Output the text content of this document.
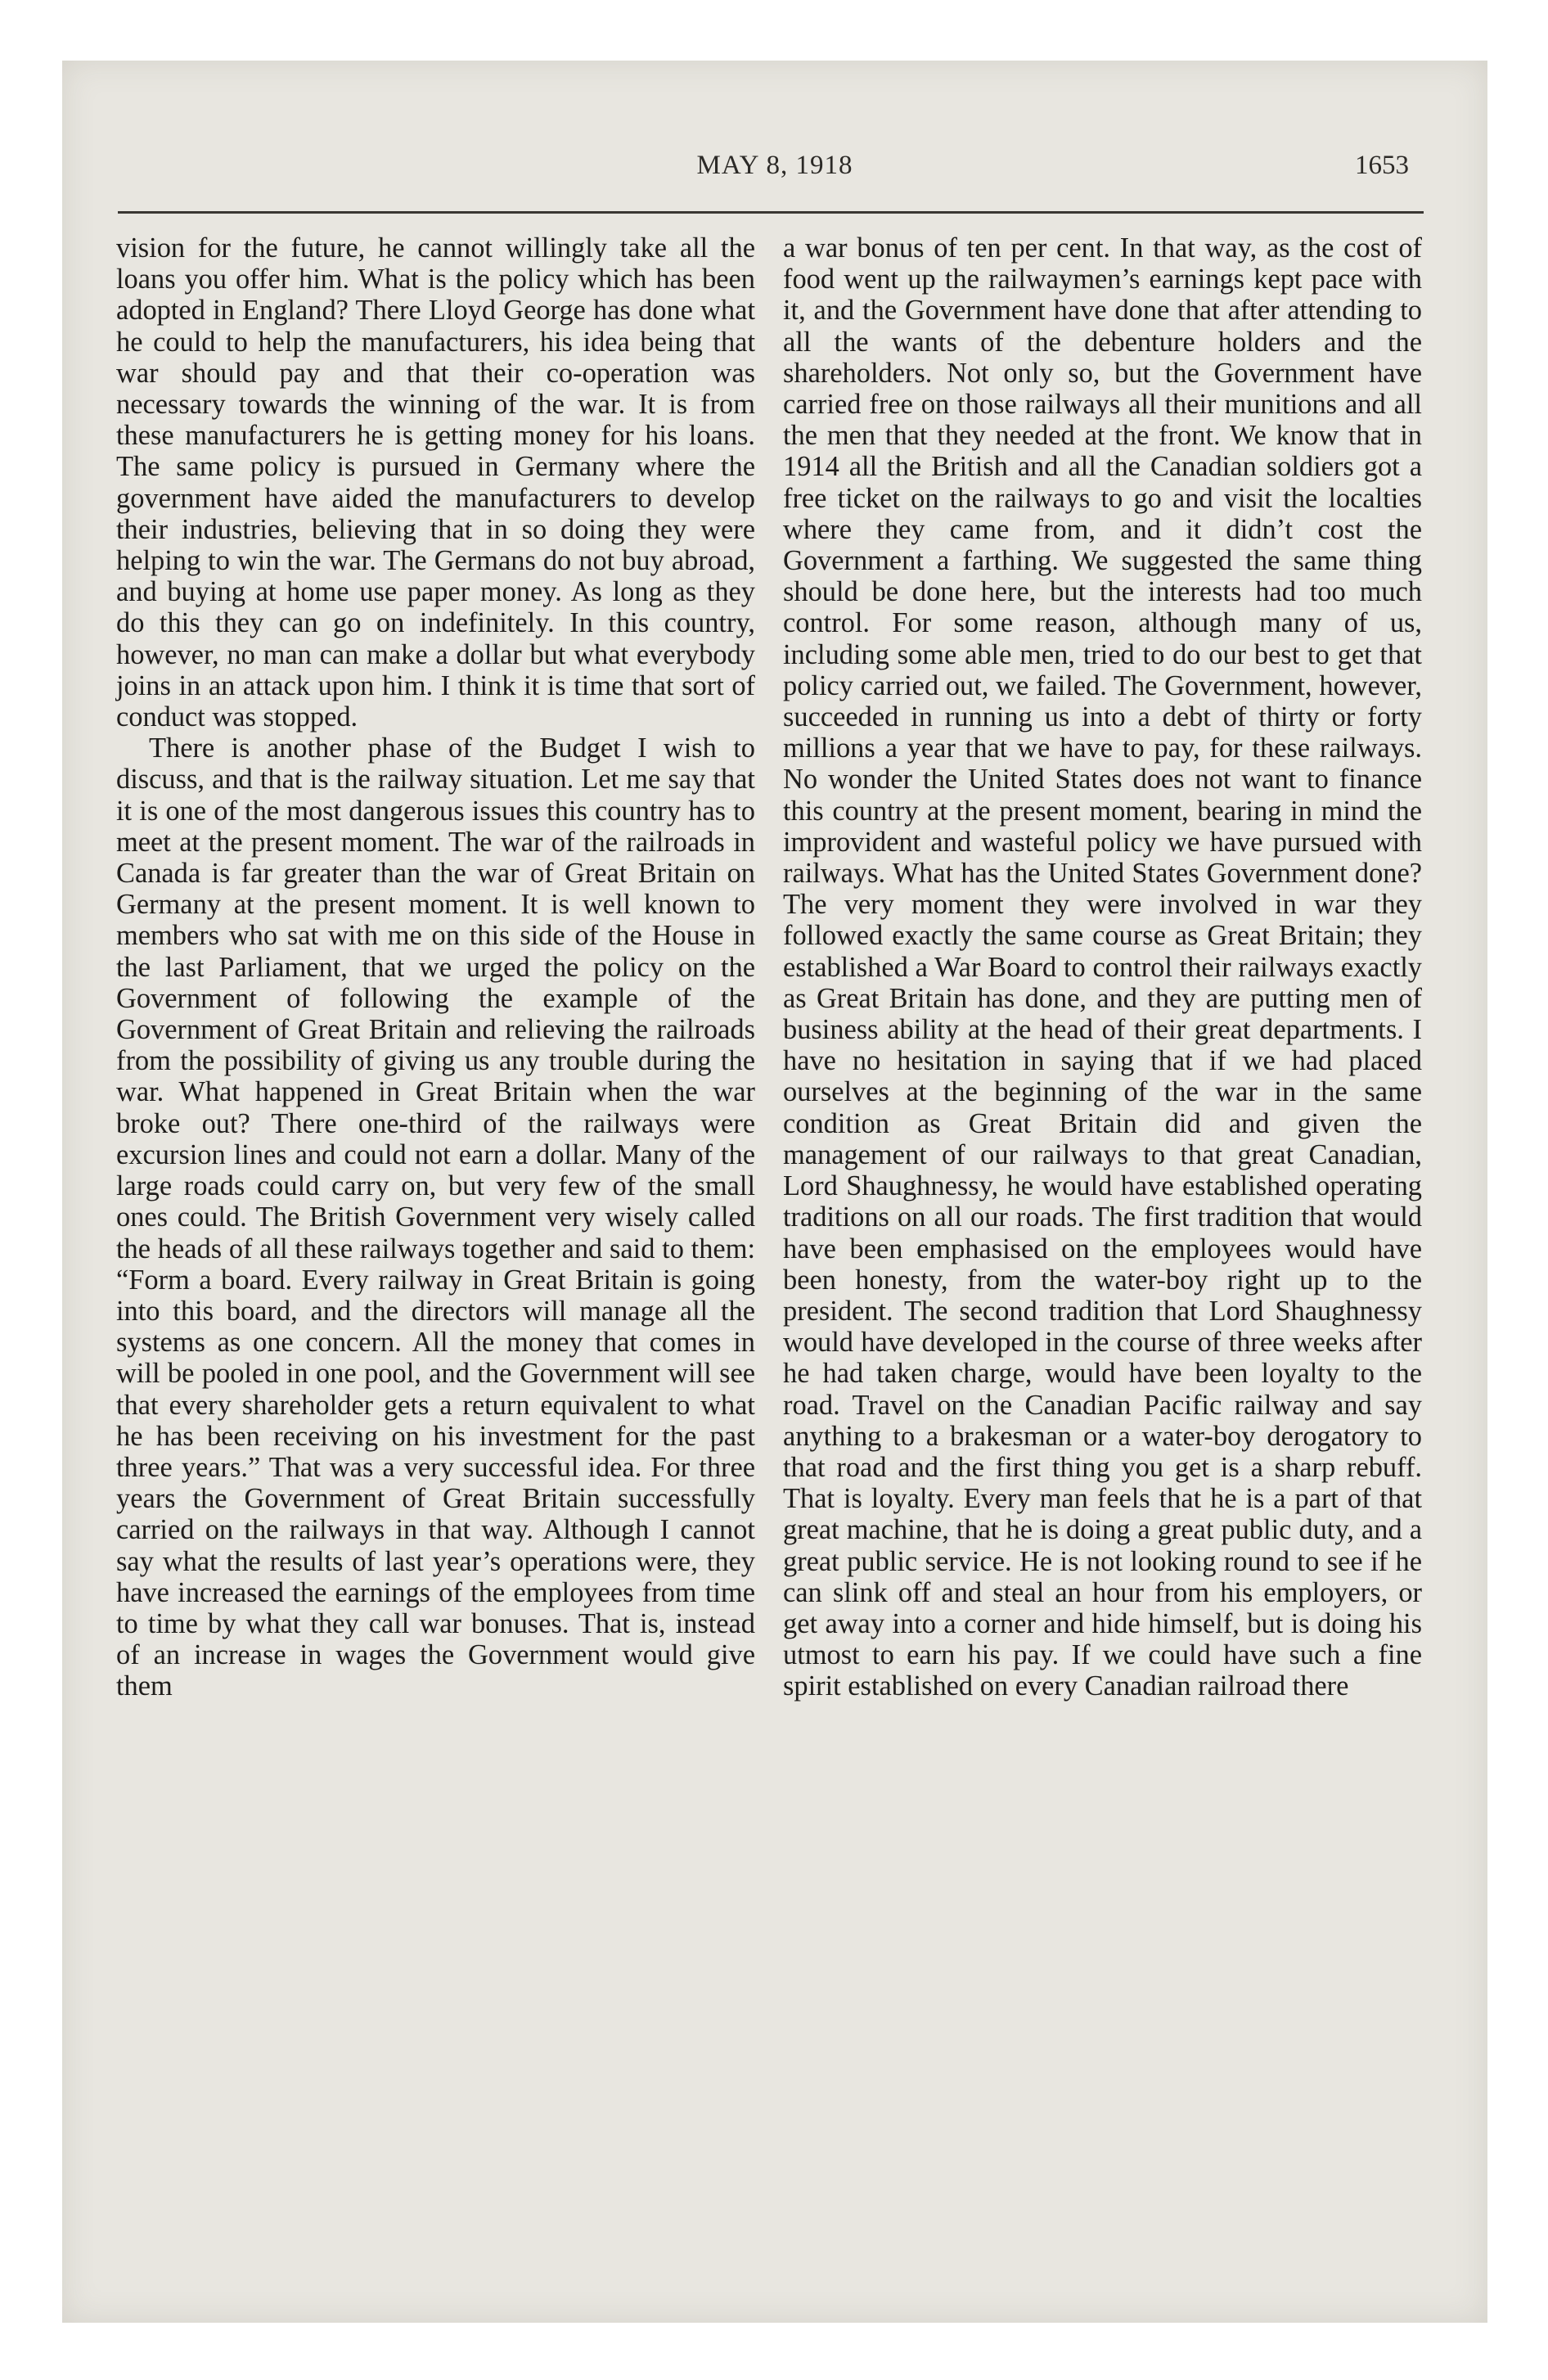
MAY 8, 1918	1653

vision for the future, he cannot willingly take all the loans you offer him. What is the policy which has been adopted in England? There Lloyd George has done what he could to help the manufacturers, his idea being that war should pay and that their co-operation was necessary towards the winning of the war. It is from these manufacturers he is getting money for his loans. The same policy is pursued in Germany where the government have aided the manufacturers to develop their industries, believing that in so doing they were helping to win the war. The Germans do not buy abroad, and buying at home use paper money. As long as they do this they can go on indefinitely. In this country, however, no man can make a dollar but what everybody joins in an attack upon him. I think it is time that sort of conduct was stopped.

There is another phase of the Budget I wish to discuss, and that is the railway situation. Let me say that it is one of the most dangerous issues this country has to meet at the present moment. The war of the railroads in Canada is far greater than the war of Great Britain on Germany at the present moment. It is well known to members who sat with me on this side of the House in the last Parliament, that we urged the policy on the Government of following the example of the Government of Great Britain and relieving the railroads from the possibility of giving us any trouble during the war. What happened in Great Britain when the war broke out? There one-third of the railways were excursion lines and could not earn a dollar. Many of the large roads could carry on, but very few of the small ones could. The British Government very wisely called the heads of all these railways together and said to them: “Form a board. Every railway in Great Britain is going into this board, and the directors will manage all the systems as one concern. All the money that comes in will be pooled in one pool, and the Government will see that every shareholder gets a return equivalent to what he has been receiving on his investment for the past three years.” That was a very successful idea. For three years the Government of Great Britain successfully carried on the railways in that way. Although I cannot say what the results of last year’s operations were, they have increased the earnings of the employees from time to time by what they call war bonuses. That is, instead of an increase in wages the Government would give them

a war bonus of ten per cent. In that way, as the cost of food went up the railwaymen’s earnings kept pace with it, and the Government have done that after attending to all the wants of the debenture holders and the shareholders. Not only so, but the Government have carried free on those railways all their munitions and all the men that they needed at the front. We know that in 1914 all the British and all the Canadian soldiers got a free ticket on the railways to go and visit the localties where they came from, and it didn’t cost the Government a farthing. We suggested the same thing should be done here, but the interests had too much control. For some reason, although many of us, including some able men, tried to do our best to get that policy carried out, we failed. The Government, however, succeeded in running us into a debt of thirty or forty millions a year that we have to pay, for these railways. No wonder the United States does not want to finance this country at the present moment, bearing in mind the improvident and wasteful policy we have pursued with railways. What has the United States Government done? The very moment they were involved in war they followed exactly the same course as Great Britain; they established a War Board to control their railways exactly as Great Britain has done, and they are putting men of business ability at the head of their great departments. I have no hesitation in saying that if we had placed ourselves at the beginning of the war in the same condition as Great Britain did and given the management of our railways to that great Canadian, Lord Shaughnessy, he would have established operating traditions on all our roads. The first tradition that would have been emphasised on the employees would have been honesty, from the water-boy right up to the president. The second tradition that Lord Shaughnessy would have developed in the course of three weeks after he had taken charge, would have been loyalty to the road. Travel on the Canadian Pacific railway and say anything to a brakesman or a water-boy derogatory to that road and the first thing you get is a sharp rebuff. That is loyalty. Every man feels that he is a part of that great machine, that he is doing a great public duty, and a great public service. He is not looking round to see if he can slink off and steal an hour from his employers, or get away into a corner and hide himself, but is doing his utmost to earn his pay. If we could have such a fine spirit established on every Canadian railroad there
